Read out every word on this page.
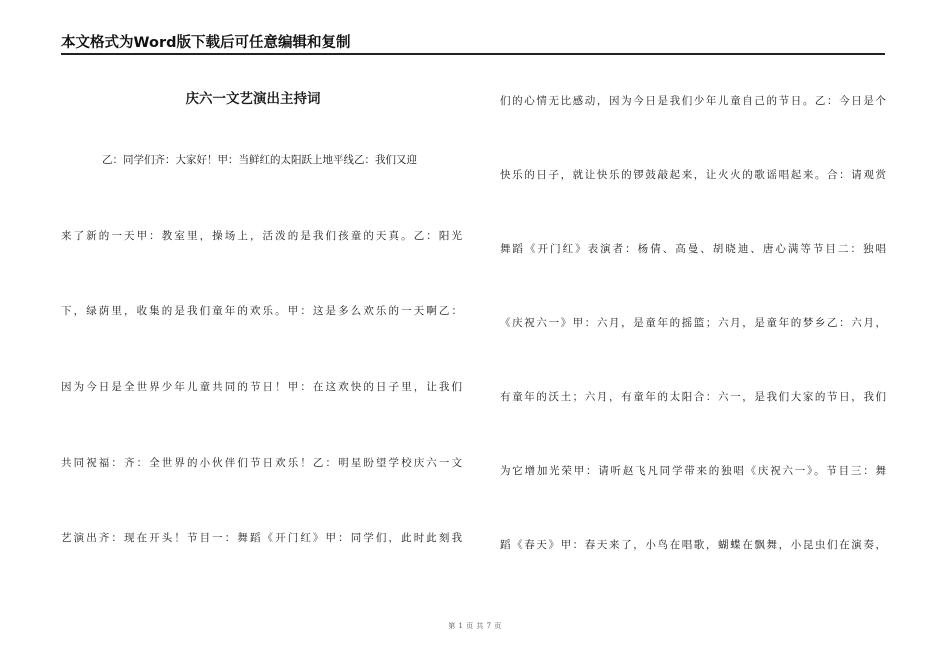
本文格式为Word版下载后可任意编辑和复制
庆六一文艺演出主持词
乙：同学们齐：大家好！甲：当鲜红的太阳跃上地平线乙：我们又迎
来了新的一天甲：教室里，操场上，活泼的是我们孩童的天真。乙：阳光
下，绿荫里，收集的是我们童年的欢乐。甲：这是多么欢乐的一天啊乙：
因为今日是全世界少年儿童共同的节日！甲：在这欢快的日子里，让我们
共同祝福：齐：全世界的小伙伴们节日欢乐！乙：明星盼望学校庆六一文
艺演出齐：现在开头！节目一：舞蹈《开门红》甲：同学们，此时此刻我
们的心情无比感动，因为今日是我们少年儿童自己的节日。乙：今日是个
快乐的日子，就让快乐的锣鼓敲起来，让火火的歌谣唱起来。合：请观赏
舞蹈《开门红》表演者：杨倩、高曼、胡晓迪、唐心满等节目二：独唱
《庆祝六一》甲：六月，是童年的摇篮；六月，是童年的梦乡乙：六月，
有童年的沃土；六月，有童年的太阳合：六一，是我们大家的节日，我们
为它增加光荣甲：请听赵飞凡同学带来的独唱《庆祝六一》。节目三：舞
蹈《春天》甲：春天来了，小鸟在唱歌，蝴蝶在飘舞，小昆虫们在演奏，
第 1 页 共 7 页
